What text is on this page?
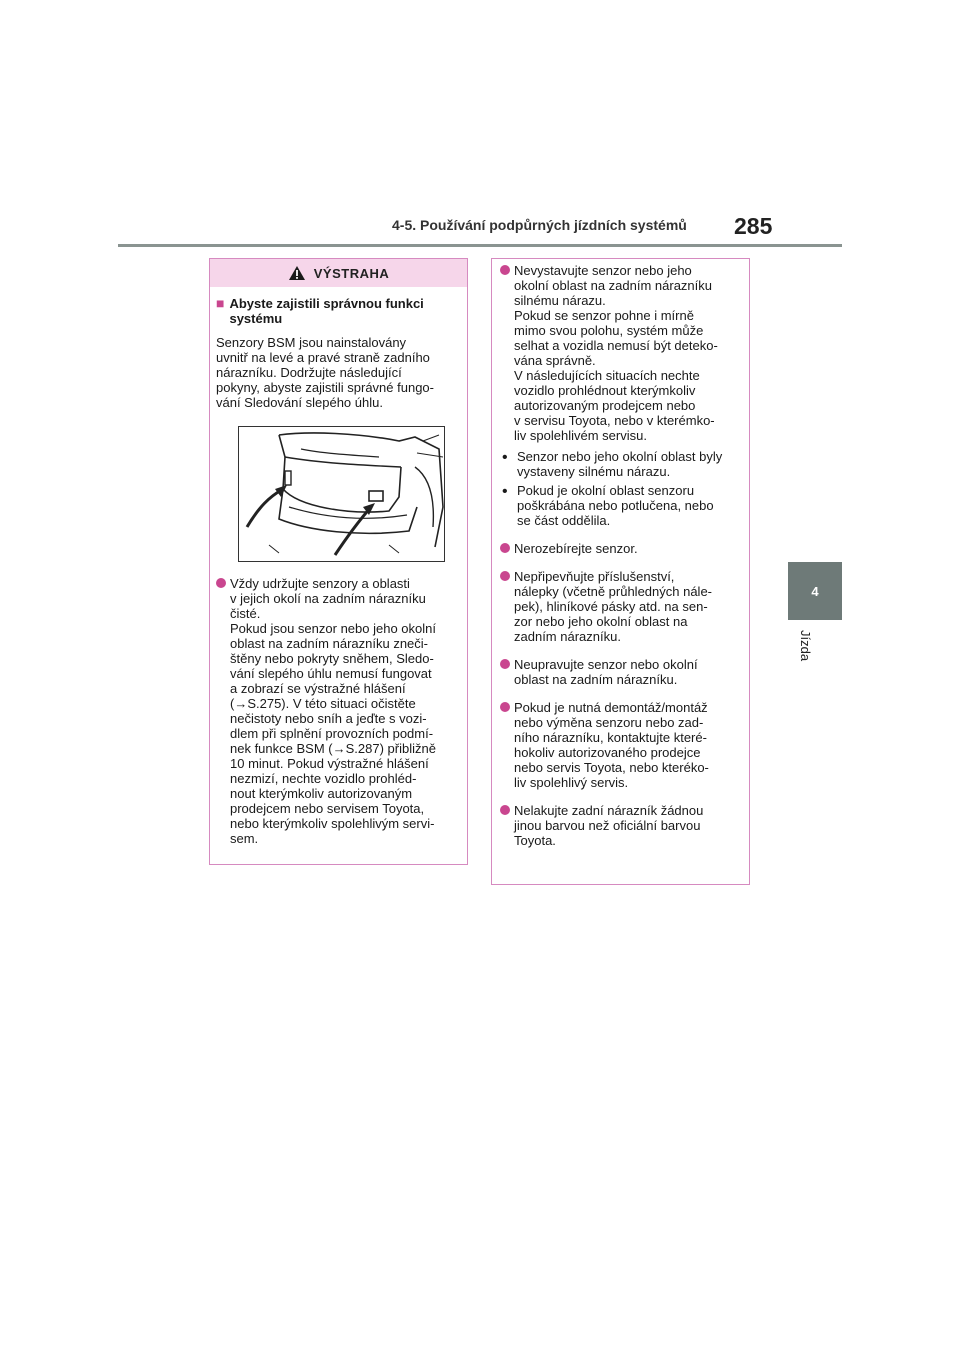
4-5. Používání podpůrných jízdních systémů 285
4
Jízda
VÝSTRAHA
■ Abyste zajistili správnou funkci systému
Senzory BSM jsou nainstalovány
uvnitř na levé a pravé straně zadního
nárazníku. Dodržujte následující
pokyny, abyste zajistili správné fungo-
vání Sledování slepého úhlu.
Vždy udržujte senzory a oblasti
v jejich okolí na zadním nárazníku
čisté.
Pokud jsou senzor nebo jeho okolní
oblast na zadním nárazníku zneči-
štěny nebo pokryty sněhem, Sledo-
vání slepého úhlu nemusí fungovat
a zobrazí se výstražné hlášení
(→S.275). V této situaci očistěte
nečistoty nebo sníh a jeďte s vozi-
dlem při splnění provozních podmí-
nek funkce BSM (→S.287) přibližně
10 minut. Pokud výstražné hlášení
nezmizí, nechte vozidlo prohléd-
nout kterýmkoliv autorizovaným
prodejcem nebo servisem Toyota,
nebo kterýmkoliv spolehlivým servi-
sem.
Nevystavujte senzor nebo jeho
okolní oblast na zadním nárazníku
silnému nárazu.
Pokud se senzor pohne i mírně
mimo svou polohu, systém může
selhat a vozidla nemusí být deteko-
vána správně.
V následujících situacích nechte
vozidlo prohlédnout kterýmkoliv
autorizovaným prodejcem nebo
v servisu Toyota, nebo v kterémko-
liv spolehlivém servisu.
• Senzor nebo jeho okolní oblast byly
vystaveny silnému nárazu.
• Pokud je okolní oblast senzoru
poškrábána nebo potlučena, nebo
se část oddělila.
Nerozebírejte senzor.
Nepřipevňujte příslušenství,
nálepky (včetně průhledných nále-
pek), hliníkové pásky atd. na sen-
zor nebo jeho okolní oblast na
zadním nárazníku.
Neupravujte senzor nebo okolní
oblast na zadním nárazníku.
Pokud je nutná demontáž/montáž
nebo výměna senzoru nebo zad-
ního nárazníku, kontaktujte které-
hokoliv autorizovaného prodejce
nebo servis Toyota, nebo kteréko-
liv spolehlivý servis.
Nelakujte zadní nárazník žádnou
jinou barvou než oficiální barvou
Toyota.
